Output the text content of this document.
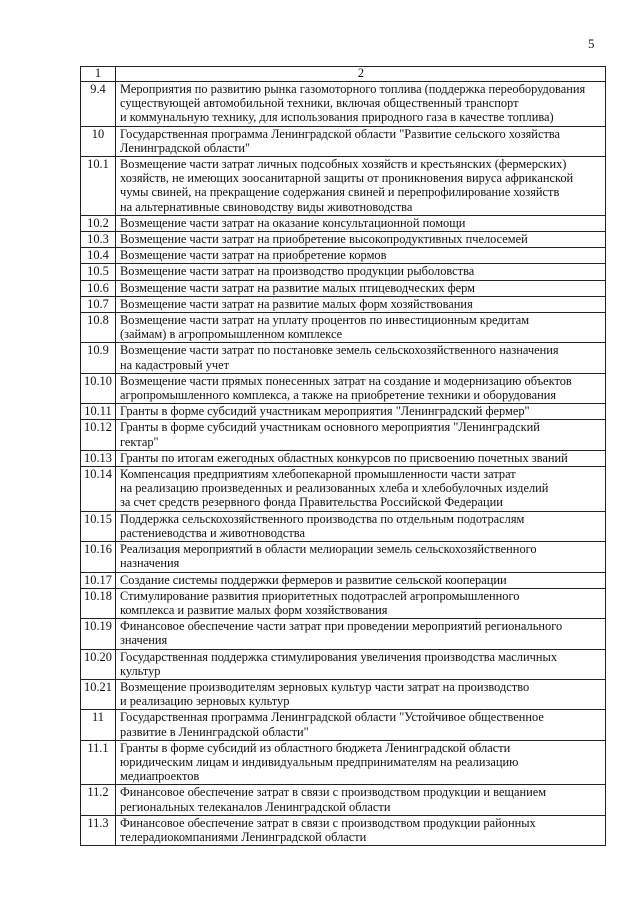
5
1	2
9.4	Мероприятия по развитию рынка газомоторного топлива (поддержка переоборудования
существующей автомобильной техники, включая общественный транспорт
и коммунальную технику, для использования природного газа в качестве топлива)
10	Государственная программа Ленинградской области "Развитие сельского хозяйства
Ленинградской области"
10.1	Возмещение части затрат личных подсобных хозяйств и крестьянских (фермерских)
хозяйств, не имеющих зоосанитарной защиты от проникновения вируса африканской
чумы свиней, на прекращение содержания свиней и перепрофилирование хозяйств
на альтернативные свиноводству виды животноводства
10.2	Возмещение части затрат на оказание консультационной помощи
10.3	Возмещение части затрат на приобретение высокопродуктивных пчелосемей
10.4	Возмещение части затрат на приобретение кормов
10.5	Возмещение части затрат на производство продукции рыболовства
10.6	Возмещение части затрат на развитие малых птицеводческих ферм
10.7	Возмещение части затрат на развитие малых форм хозяйствования
10.8	Возмещение части затрат на уплату процентов по инвестиционным кредитам
(займам) в агропромышленном комплексе
10.9	Возмещение части затрат по постановке земель сельскохозяйственного назначения
на кадастровый учет
10.10	Возмещение части прямых понесенных затрат на создание и модернизацию объектов
агропромышленного комплекса, а также на приобретение техники и оборудования
10.11	Гранты в форме субсидий участникам мероприятия "Ленинградский фермер"
10.12	Гранты в форме субсидий участникам основного мероприятия "Ленинградский
гектар"
10.13	Гранты по итогам ежегодных областных конкурсов по присвоению почетных званий
10.14	Компенсация предприятиям хлебопекарной промышленности части затрат
на реализацию произведенных и реализованных хлеба и хлебобулочных изделий
за счет средств резервного фонда Правительства Российской Федерации
10.15	Поддержка сельскохозяйственного производства по отдельным подотраслям
растениеводства и животноводства
10.16	Реализация мероприятий в области мелиорации земель сельскохозяйственного
назначения
10.17	Создание системы поддержки фермеров и развитие сельской кооперации
10.18	Стимулирование развития приоритетных подотраслей агропромышленного
комплекса и развитие малых форм хозяйствования
10.19	Финансовое обеспечение части затрат при проведении мероприятий регионального
значения
10.20	Государственная поддержка стимулирования увеличения производства масличных
культур
10.21	Возмещение производителям зерновых культур части затрат на производство
и реализацию зерновых культур
11	Государственная программа Ленинградской области "Устойчивое общественное
развитие в Ленинградской области"
11.1	Гранты в форме субсидий из областного бюджета Ленинградской области
юридическим лицам и индивидуальным предпринимателям на реализацию
медиапроектов
11.2	Финансовое обеспечение затрат в связи с производством продукции и вещанием
региональных телеканалов Ленинградской области
11.3	Финансовое обеспечение затрат в связи с производством продукции районных
телерадиокомпаниями Ленинградской области
